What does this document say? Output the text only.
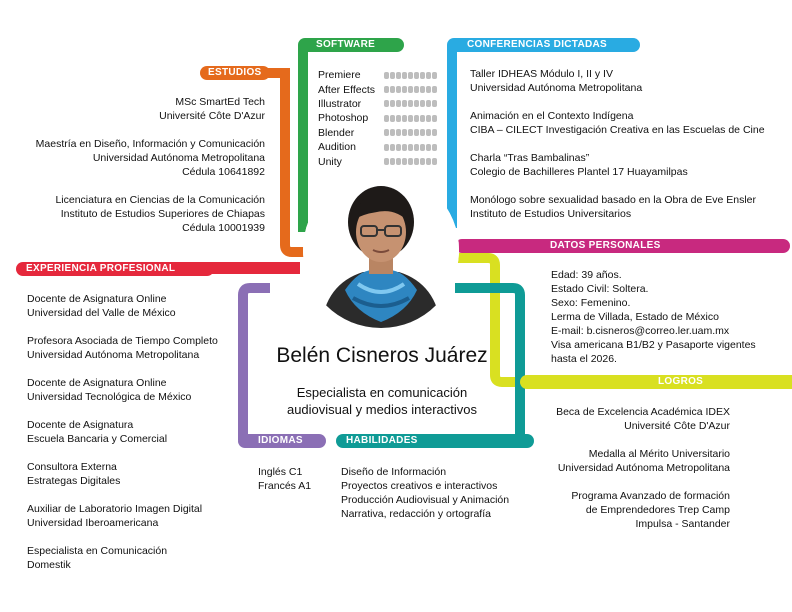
ESTUDIOS
SOFTWARE	CONFERENCIAS DICTADAS
DATOS PERSONALES
EXPERIENCIA PROFESIONAL
LOGROS
IDIOMAS	HABILIDADES
MSc SmartEd Tech
Université Côte D'Azur
Maestría en Diseño, Información y Comunicación
Universidad Autónoma Metropolitana
Cédula 10641892
Licenciatura en Ciencias de la Comunicación
Instituto de Estudios Superiores de Chiapas
Cédula 10001939
Premiere
After Effects
Illustrator
Photoshop
Blender
Audition
Unity
Taller IDHEAS Módulo I, II y IV
Universidad Autónoma Metropolitana
Animación en el Contexto Indígena
CIBA – CILECT Investigación Creativa en las Escuelas de Cine
Charla “Tras Bambalinas”
Colegio de Bachilleres Plantel 17 Huayamilpas
Monólogo sobre sexualidad basado en la Obra de Eve Ensler
Instituto de Estudios Universitarios
Belén Cisneros Juárez
Especialista en comunicación
audiovisual y medios interactivos
Edad: 39 años.
Estado Civil: Soltera.
Sexo: Femenino.
Lerma de Villada, Estado de México
E-mail: b.cisneros@correo.ler.uam.mx
Visa americana B1/B2 y Pasaporte vigentes
hasta el 2026.
Docente de Asignatura Online
Universidad del Valle de México
Profesora Asociada de Tiempo Completo
Universidad Autónoma Metropolitana
Docente de Asignatura Online
Universidad Tecnológica de México
Docente de Asignatura
Escuela Bancaria y Comercial
Consultora Externa
Estrategas Digitales
Auxiliar de Laboratorio Imagen Digital
Universidad Iberoamericana
Especialista en Comunicación
Domestik
Beca de Excelencia Académica IDEX
Université Côte D'Azur
Medalla al Mérito Universitario
Universidad Autónoma Metropolitana
Programa Avanzado de formación
de Emprendedores Trep Camp
Impulsa - Santander
Inglés C1
Francés A1
Diseño de Información
Proyectos creativos e interactivos
Producción Audiovisual y Animación
Narrativa, redacción y ortografía
